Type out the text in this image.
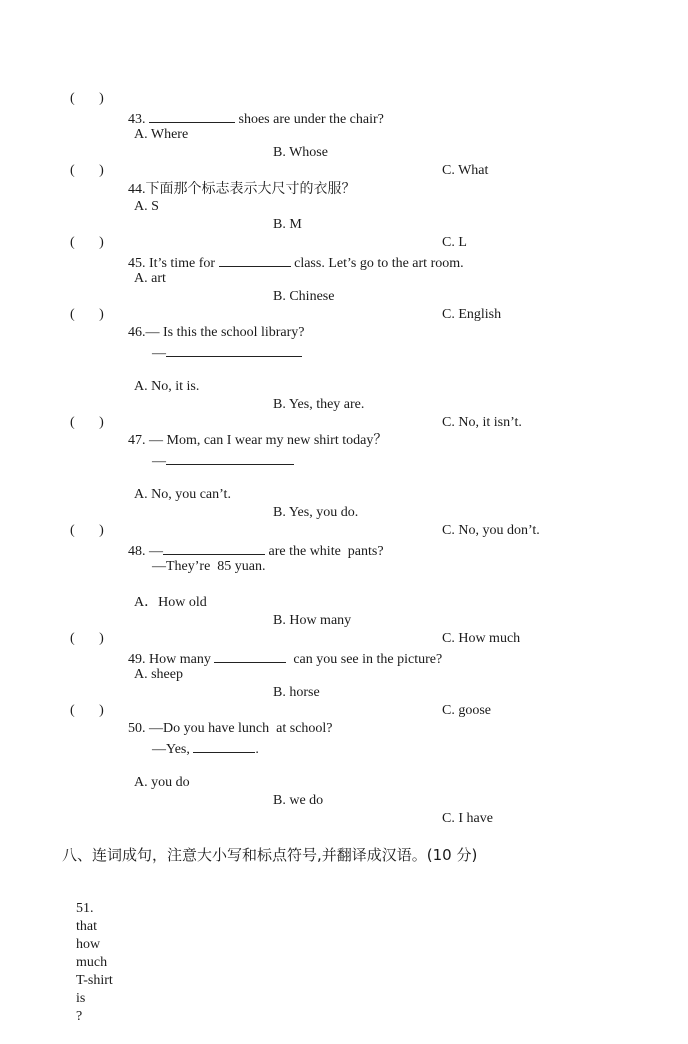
(       )

43.	shoes are under the chair?

A. Where

B. Whose

C. What

(       )

44.下面那个标志表示大尺寸的衣服？

A. S

B. M

C. L

(       )

45. It’s time for	class. Let’s go to the art room.

A. art

B. Chinese

C. English

(       )

46.— Is this the school library?

—

A. No, it is.

B. Yes, they are.

C. No, it isn’t.

(       )

47. — Mom, can I wear my new shirt today？

—

A. No, you can’t.

B. Yes, you do.

C. No, you don’t.

(       )

48. —	are the white  pants?

—They’re  85 yuan.

A．How old

B. How many

C. How much

(       )

49. How many	can you see in the picture?

A. sheep

B. horse

C. goose

(       )

50. —Do you have lunch  at school?

—Yes,	.

A. you do

B. we do

C. I have

八、连词成句，注意大小写和标点符号,并翻译成汉语。(10 分)

51.
that
how
much
T-shirt
is
?
